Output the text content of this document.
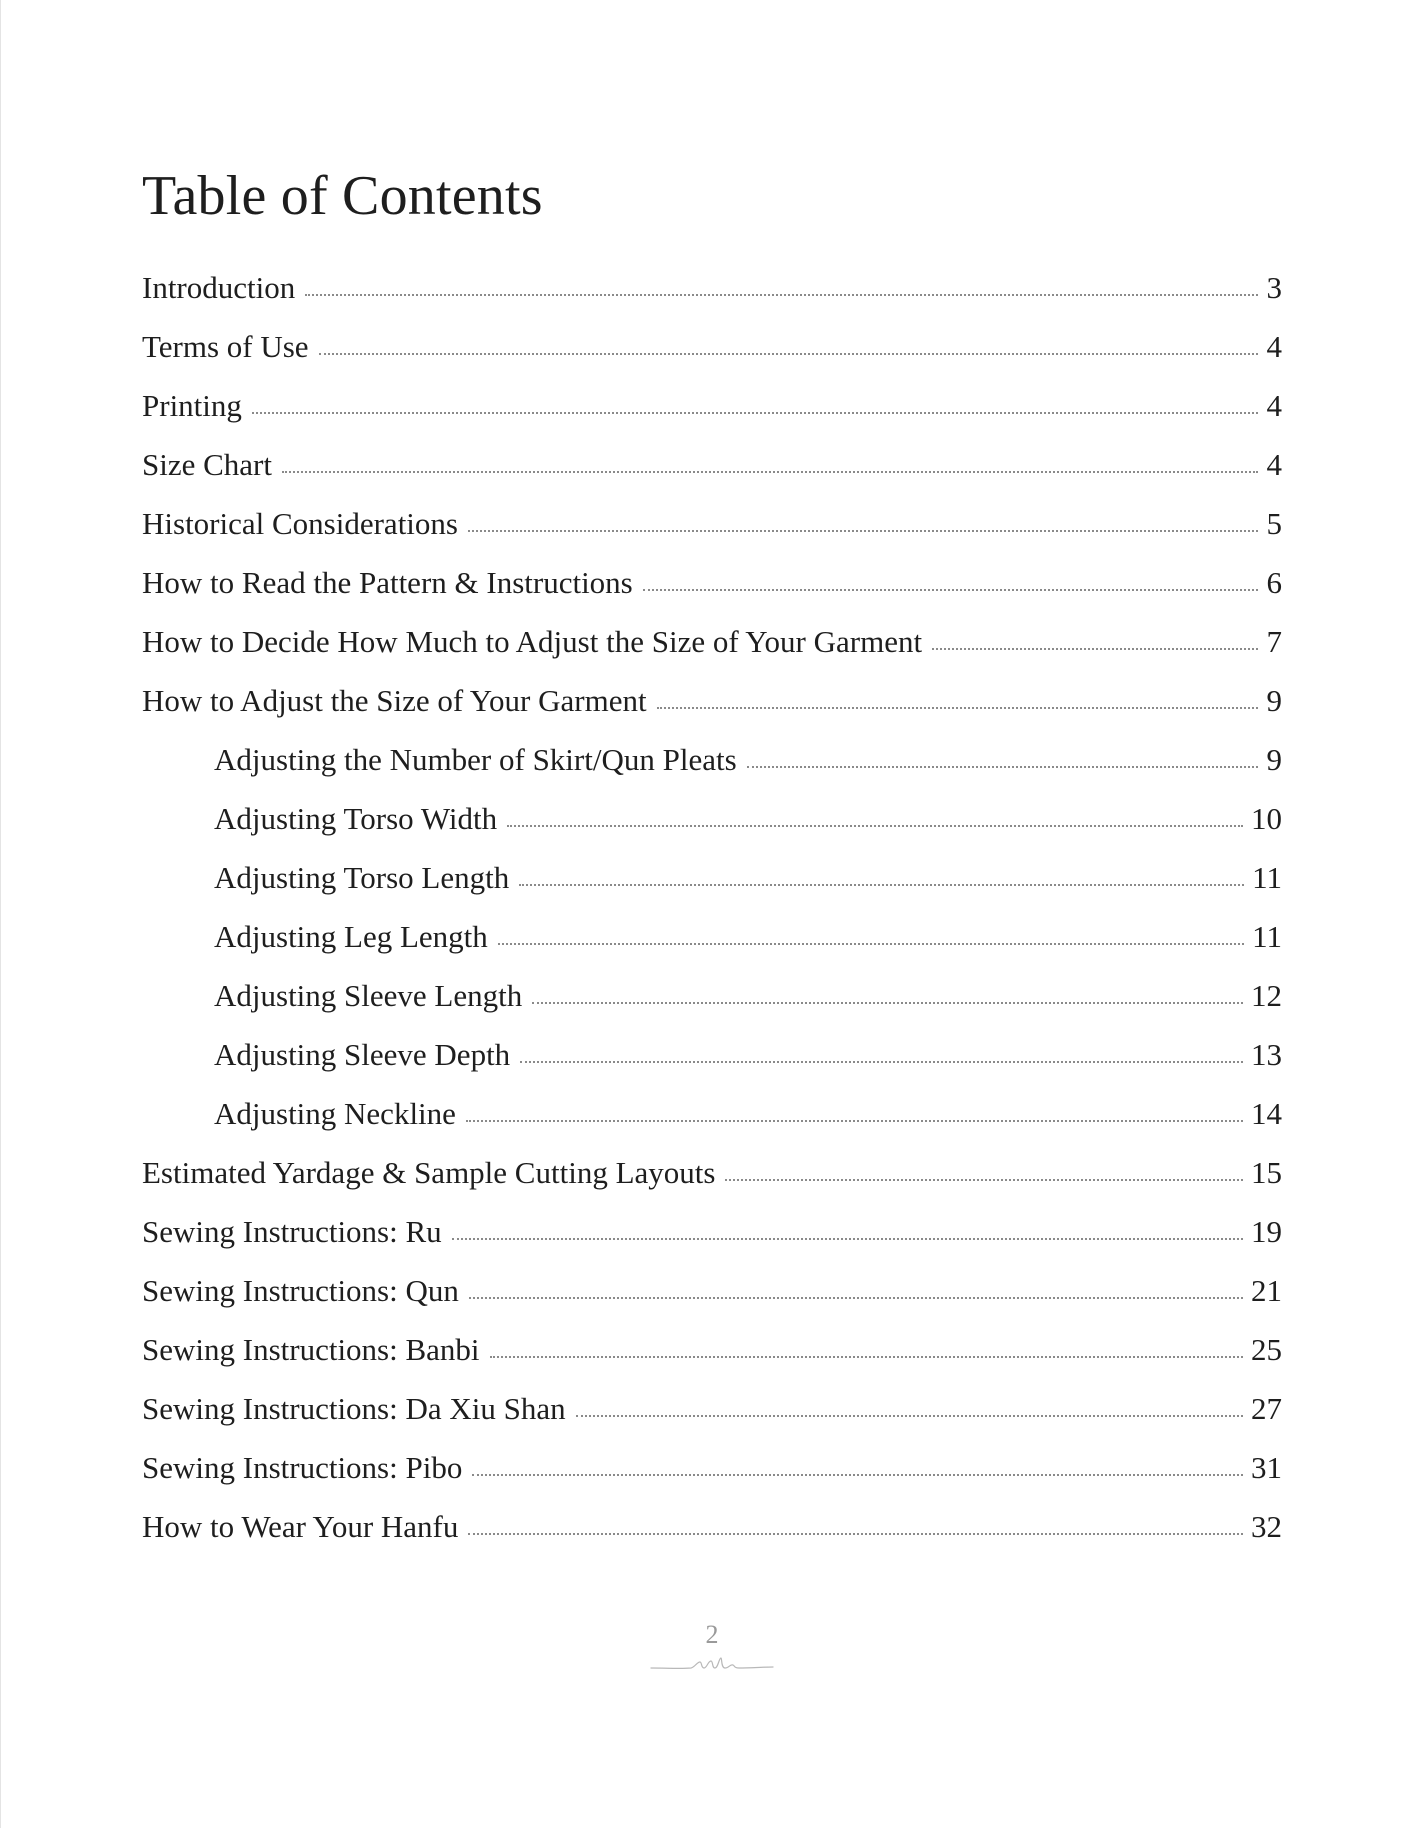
Table of Contents
Introduction	3
Terms of Use	4
Printing	4
Size Chart	4
Historical Considerations	5
How to Read the Pattern & Instructions	6
How to Decide How Much to Adjust the Size of Your Garment	7
How to Adjust the Size of Your Garment	9
Adjusting the Number of Skirt/Qun Pleats	9
Adjusting Torso Width	10
Adjusting Torso Length	11
Adjusting Leg Length	11
Adjusting Sleeve Length	12
Adjusting Sleeve Depth	13
Adjusting Neckline	14
Estimated Yardage & Sample Cutting Layouts	15
Sewing Instructions: Ru	19
Sewing Instructions: Qun	21
Sewing Instructions: Banbi	25
Sewing Instructions: Da Xiu Shan	27
Sewing Instructions: Pibo	31
How to Wear Your Hanfu	32
2
